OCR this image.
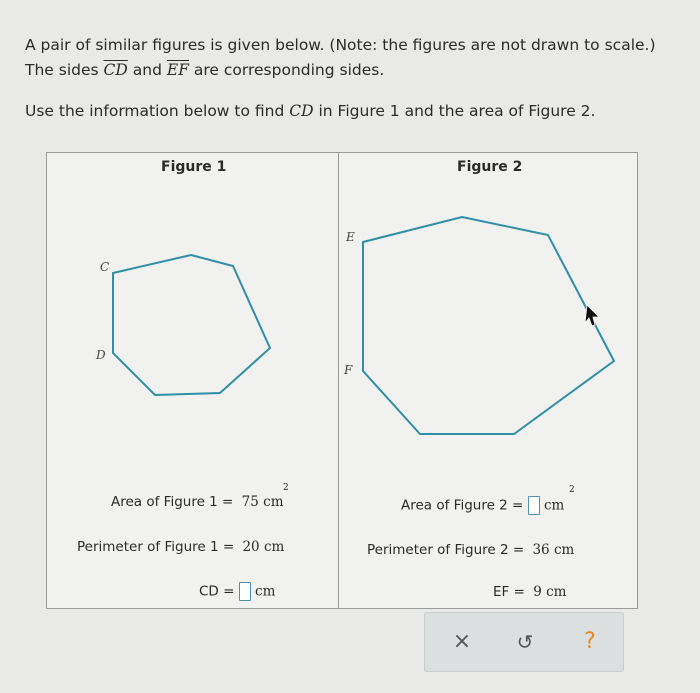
A pair of similar figures is given below. (Note: the figures are not drawn to scale.)
The sides $\overline{CD}$ and $\overline{EF}$ are corresponding sides.
Use the information below to find CD in Figure 1 and the area of Figure 2.
Figure 1	Figure 2
C
D
E
F
Area of Figure 1 = 75 cm
2
Perimeter of Figure 1 = 20 cm
CD = cm
Area of Figure 2 = cm
2
Perimeter of Figure 2 = 36 cm
EF = 9 cm
×	↺	?
